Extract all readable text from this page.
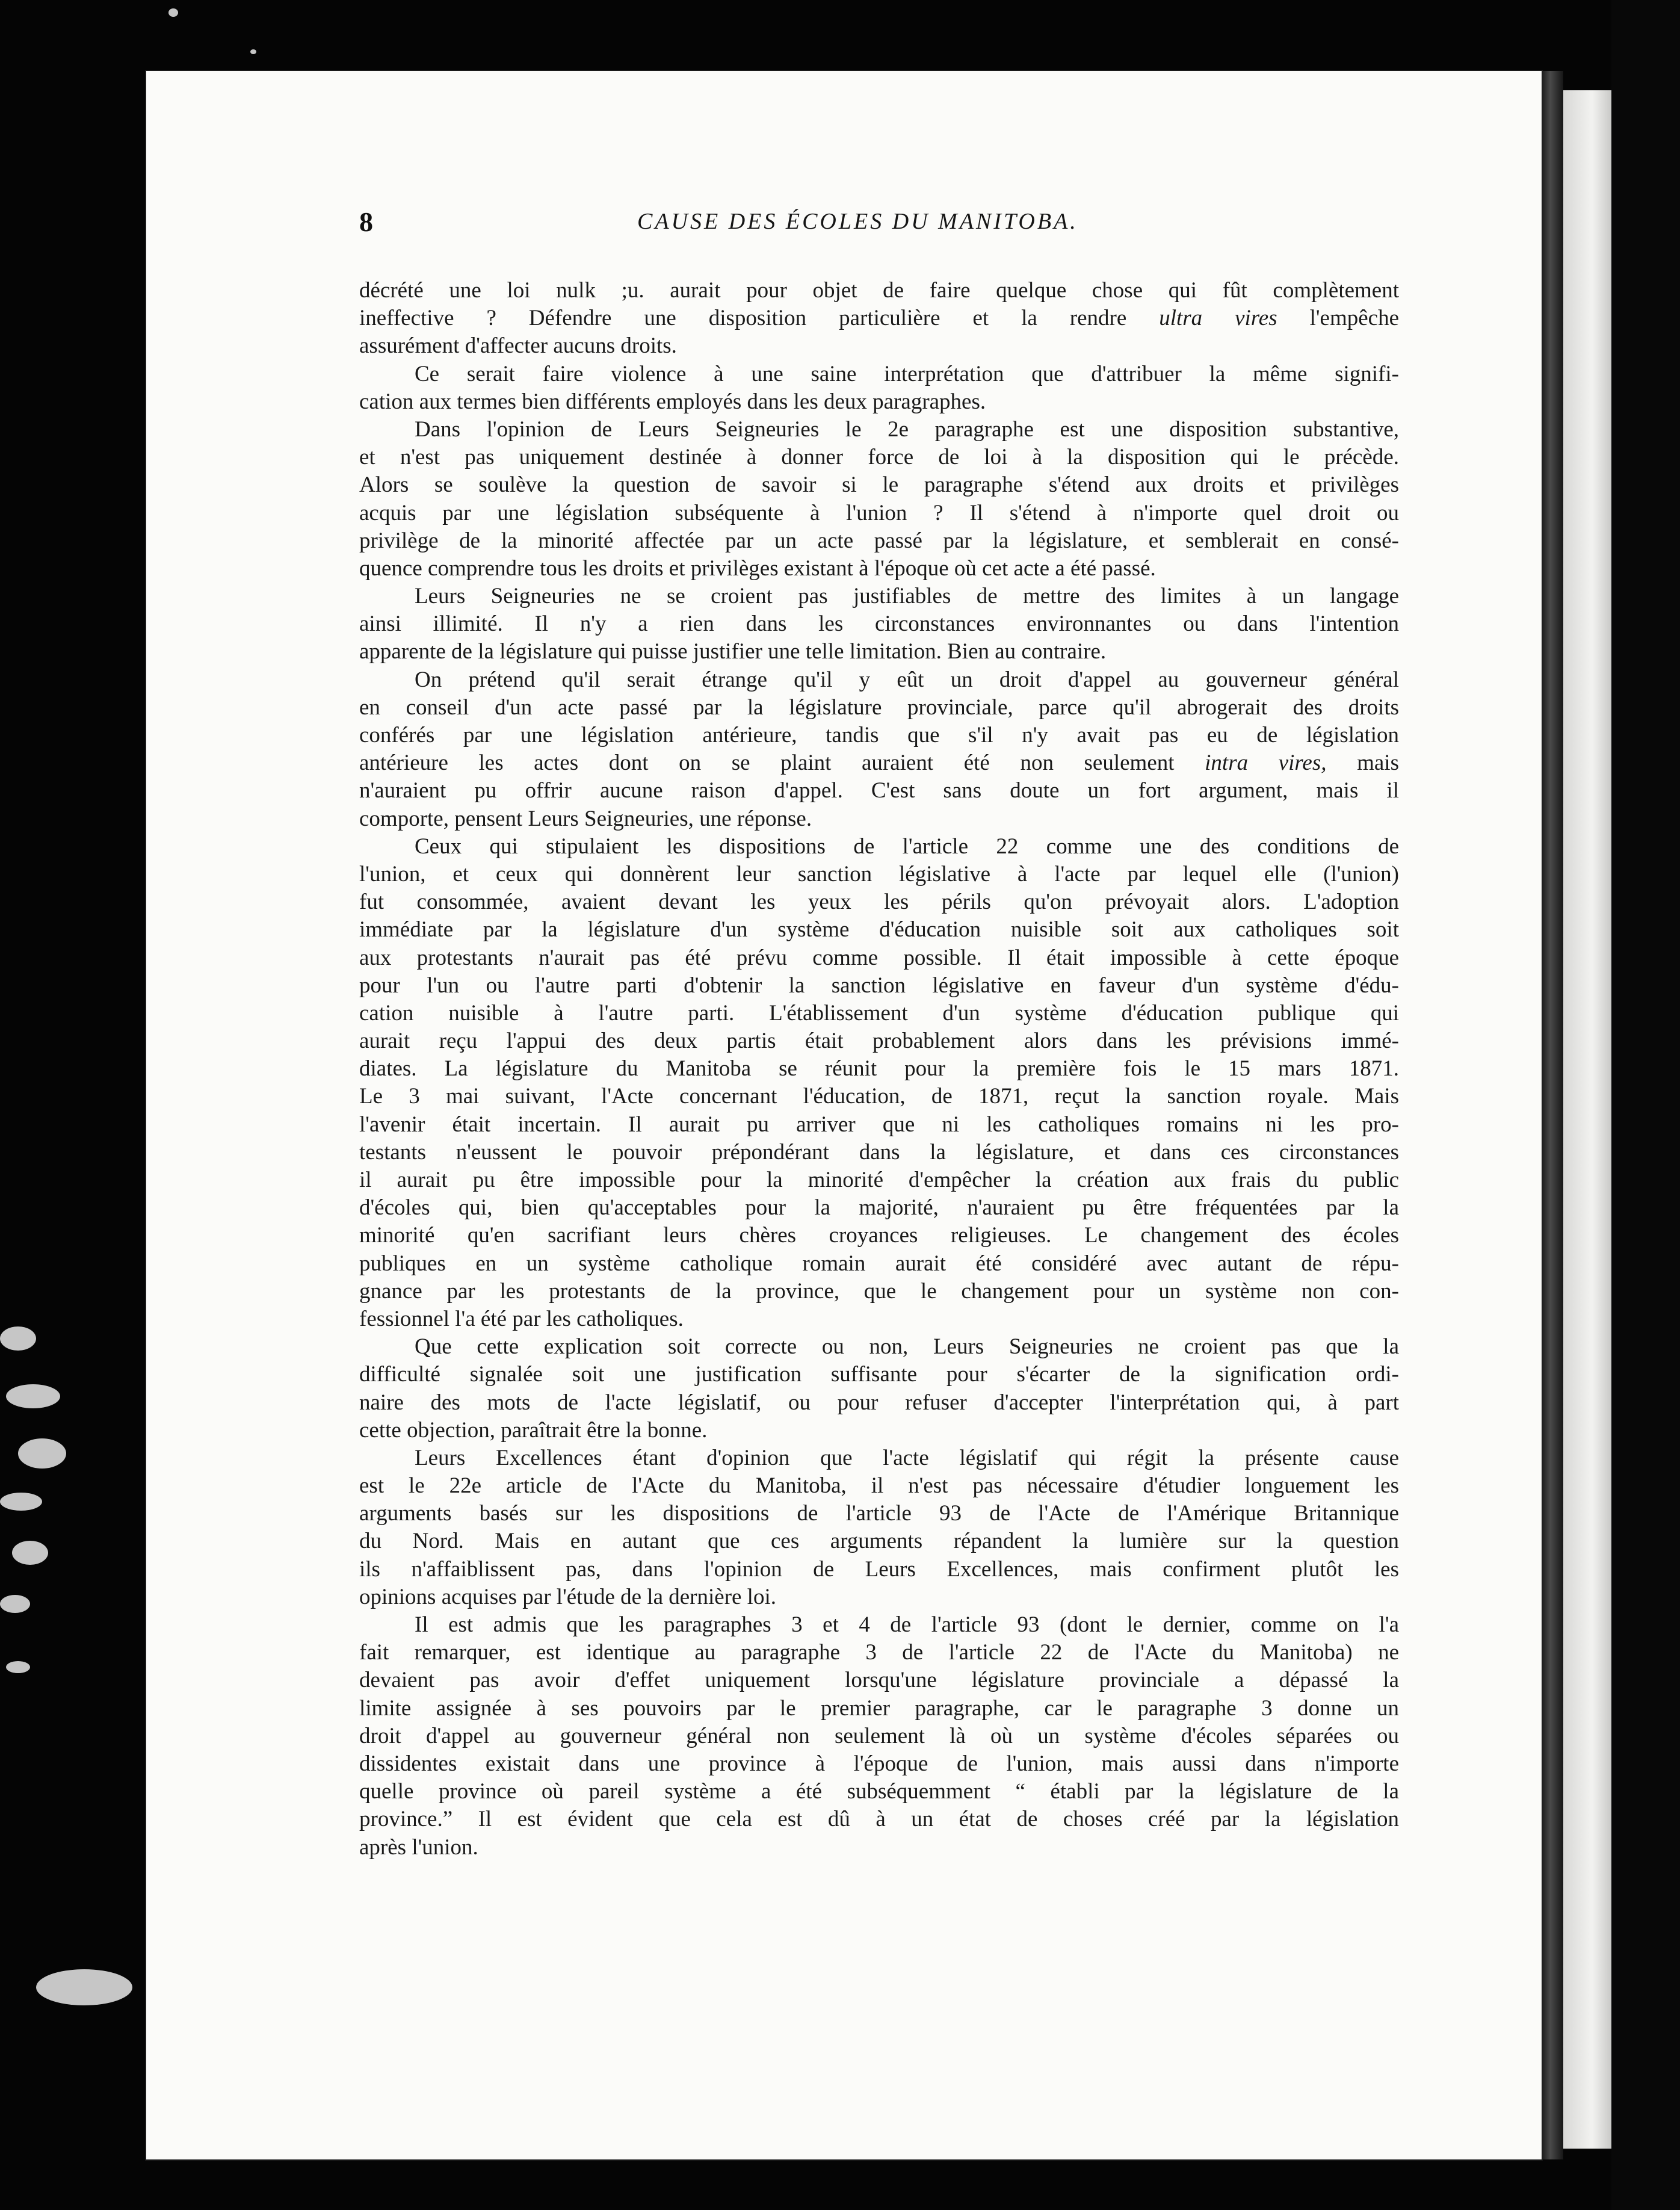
8	CAUSE DES ÉCOLES DU MANITOBA.
décrété une loi nulk ;u. aurait pour objet de faire quelque chose qui fût complètement
ineffective ? Défendre une disposition particulière et la rendre ultra vires l'empêche
assurément d'affecter aucuns droits.
Ce serait faire violence à une saine interprétation que d'attribuer la même signifi-
cation aux termes bien différents employés dans les deux paragraphes.
Dans l'opinion de Leurs Seigneuries le 2e paragraphe est une disposition substantive,
et n'est pas uniquement destinée à donner force de loi à la disposition qui le précède.
Alors se soulève la question de savoir si le paragraphe s'étend aux droits et privilèges
acquis par une législation subséquente à l'union ? Il s'étend à n'importe quel droit ou
privilège de la minorité affectée par un acte passé par la législature, et semblerait en consé-
quence comprendre tous les droits et privilèges existant à l'époque où cet acte a été passé.
Leurs Seigneuries ne se croient pas justifiables de mettre des limites à un langage
ainsi illimité. Il n'y a rien dans les circonstances environnantes ou dans l'intention
apparente de la législature qui puisse justifier une telle limitation. Bien au contraire.
On prétend qu'il serait étrange qu'il y eût un droit d'appel au gouverneur général
en conseil d'un acte passé par la législature provinciale, parce qu'il abrogerait des droits
conférés par une législation antérieure, tandis que s'il n'y avait pas eu de législation
antérieure les actes dont on se plaint auraient été non seulement intra vires, mais
n'auraient pu offrir aucune raison d'appel. C'est sans doute un fort argument, mais il
comporte, pensent Leurs Seigneuries, une réponse.
Ceux qui stipulaient les dispositions de l'article 22 comme une des conditions de
l'union, et ceux qui donnèrent leur sanction législative à l'acte par lequel elle (l'union)
fut consommée, avaient devant les yeux les périls qu'on prévoyait alors. L'adoption
immédiate par la législature d'un système d'éducation nuisible soit aux catholiques soit
aux protestants n'aurait pas été prévu comme possible. Il était impossible à cette époque
pour l'un ou l'autre parti d'obtenir la sanction législative en faveur d'un système d'édu-
cation nuisible à l'autre parti. L'établissement d'un système d'éducation publique qui
aurait reçu l'appui des deux partis était probablement alors dans les prévisions immé-
diates. La législature du Manitoba se réunit pour la première fois le 15 mars 1871.
Le 3 mai suivant, l'Acte concernant l'éducation, de 1871, reçut la sanction royale. Mais
l'avenir était incertain. Il aurait pu arriver que ni les catholiques romains ni les pro-
testants n'eussent le pouvoir prépondérant dans la législature, et dans ces circonstances
il aurait pu être impossible pour la minorité d'empêcher la création aux frais du public
d'écoles qui, bien qu'acceptables pour la majorité, n'auraient pu être fréquentées par la
minorité qu'en sacrifiant leurs chères croyances religieuses. Le changement des écoles
publiques en un système catholique romain aurait été considéré avec autant de répu-
gnance par les protestants de la province, que le changement pour un système non con-
fessionnel l'a été par les catholiques.
Que cette explication soit correcte ou non, Leurs Seigneuries ne croient pas que la
difficulté signalée soit une justification suffisante pour s'écarter de la signification ordi-
naire des mots de l'acte législatif, ou pour refuser d'accepter l'interprétation qui, à part
cette objection, paraîtrait être la bonne.
Leurs Excellences étant d'opinion que l'acte législatif qui régit la présente cause
est le 22e article de l'Acte du Manitoba, il n'est pas nécessaire d'étudier longuement les
arguments basés sur les dispositions de l'article 93 de l'Acte de l'Amérique Britannique
du Nord. Mais en autant que ces arguments répandent la lumière sur la question
ils n'affaiblissent pas, dans l'opinion de Leurs Excellences, mais confirment plutôt les
opinions acquises par l'étude de la dernière loi.
Il est admis que les paragraphes 3 et 4 de l'article 93 (dont le dernier, comme on l'a
fait remarquer, est identique au paragraphe 3 de l'article 22 de l'Acte du Manitoba) ne
devaient pas avoir d'effet uniquement lorsqu'une législature provinciale a dépassé la
limite assignée à ses pouvoirs par le premier paragraphe, car le paragraphe 3 donne un
droit d'appel au gouverneur général non seulement là où un système d'écoles séparées ou
dissidentes existait dans une province à l'époque de l'union, mais aussi dans n'importe
quelle province où pareil système a été subséquemment “ établi par la législature de la
province.” Il est évident que cela est dû à un état de choses créé par la législation
après l'union.
